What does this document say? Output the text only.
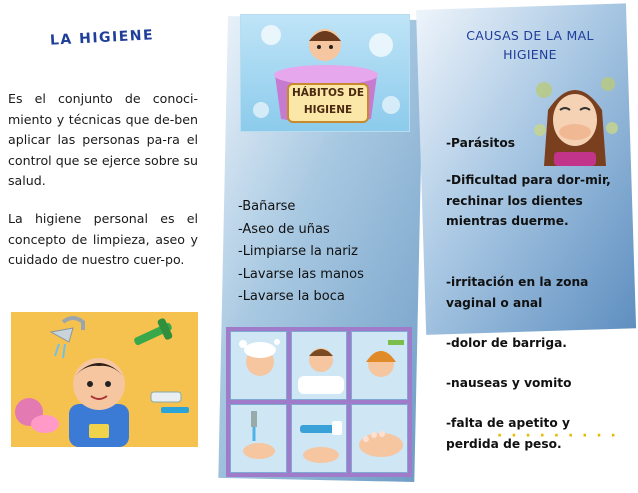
LA HIGIENE

Es el conjunto de conoci-miento y técnicas que de-ben aplicar las personas pa-ra el control que se ejerce sobre su salud.

La higiene personal es el concepto de limpieza, aseo y cuidado de nuestro cuer-po.

HÁBITOS DE
HIGIENE
-Bañarse
-Aseo de uñas
-Limpiarse la nariz
-Lavarse las manos
-Lavarse la boca
CAUSAS DE LA MAL
HIGIENE
-Parásitos
-Dificultad para dor-mir, rechinar los dientes mientras duerme.
-irritación en la zona vaginal o anal
-dolor de barriga.
-nauseas y vomito
-falta de apetito y perdida de peso.
· · · · · · · · ·
